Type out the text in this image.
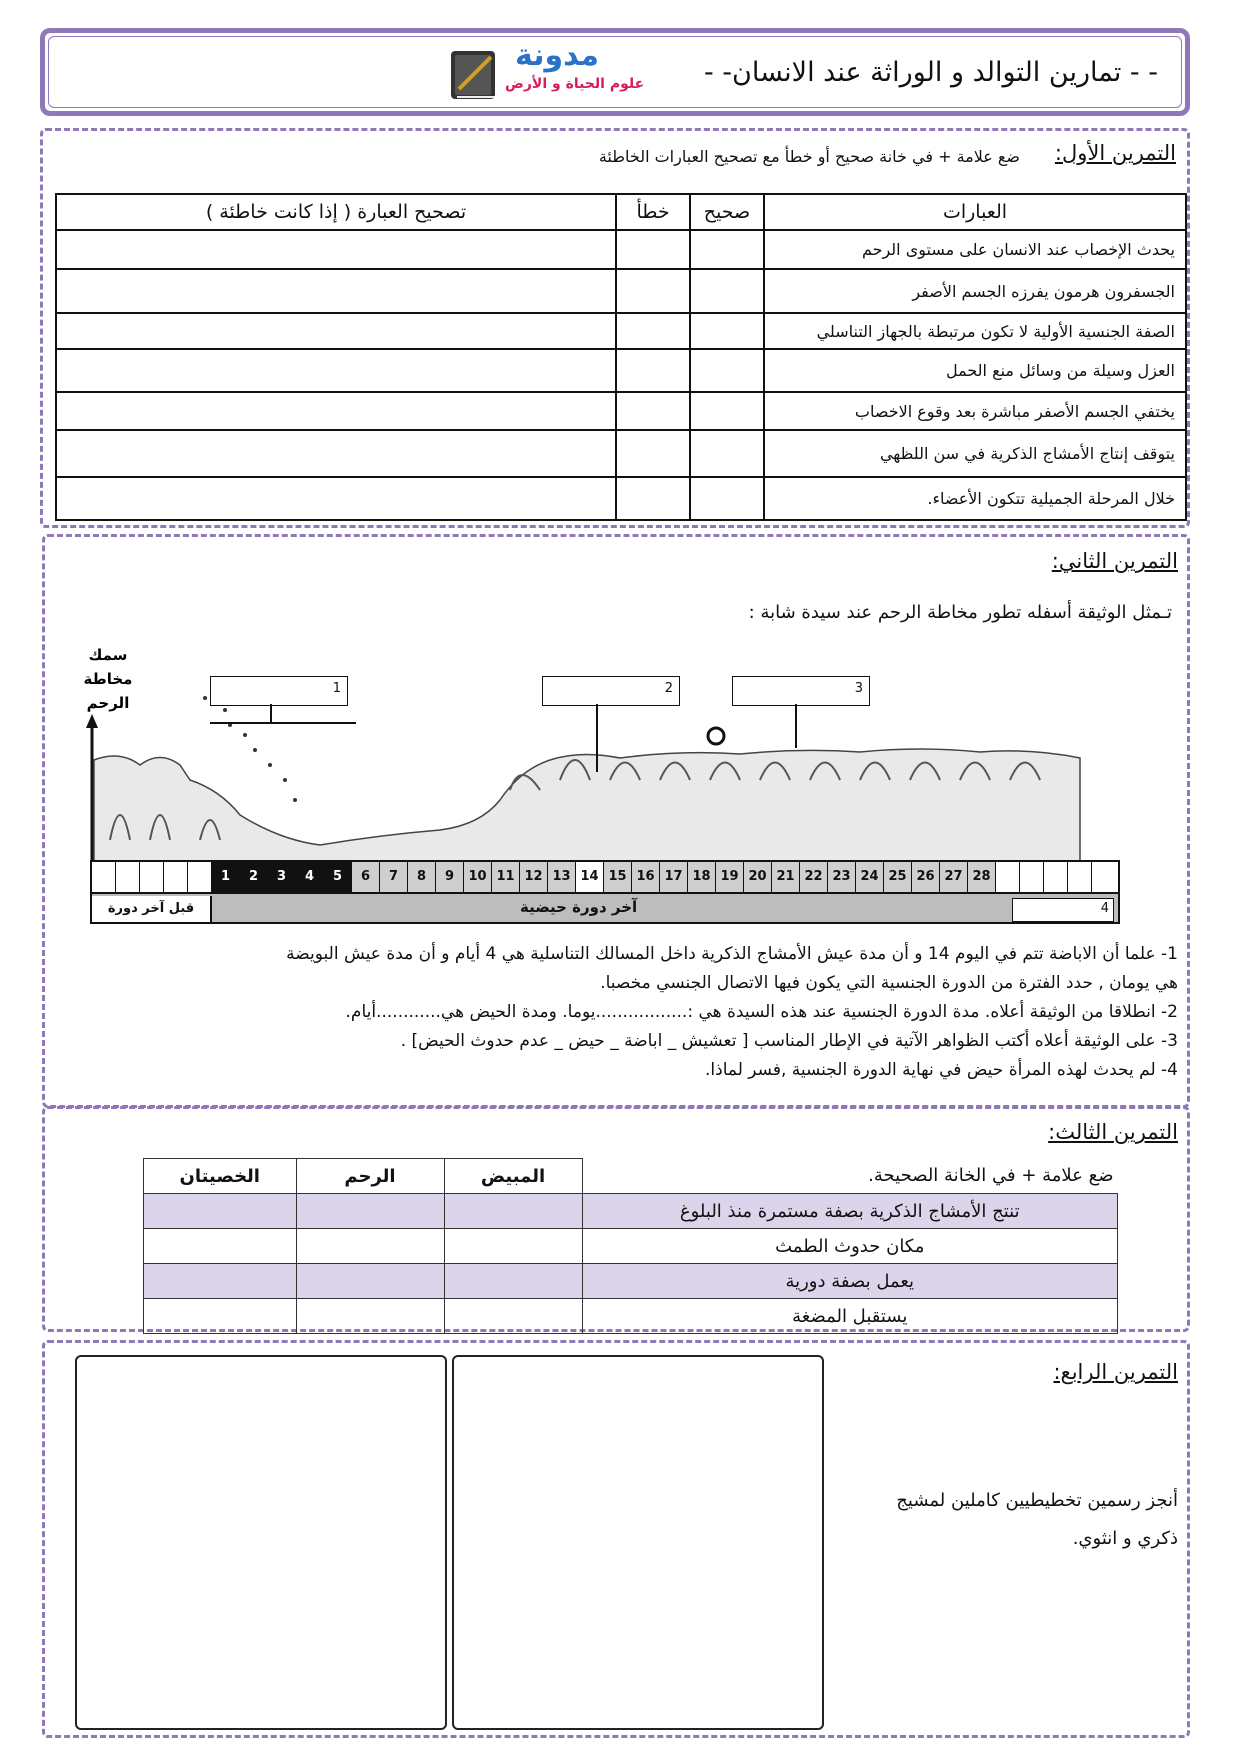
- - تمارين التوالد و الوراثة عند الانسان- -
مدونة
علوم الحياة و الأرض
التمرين الأول:
ضع علامة + في خانة صحيح أو خطأ مع تصحيح العبارات الخاطئة
العبارات	صحيح	خطأ	تصحيح العبارة ( إذا كانت خاطئة )
يحدث الإخصاب عند الانسان على مستوى الرحم			
الجسفرون هرمون يفرزه الجسم الأصفر			
الصفة الجنسية الأولية لا تكون مرتبطة بالجهاز التناسلي			
العزل وسيلة من وسائل منع الحمل			
يختفي الجسم الأصفر مباشرة بعد وقوع الاخصاب			
يتوقف إنتاج الأمشاج الذكرية في سن اللظهي			
خلال المرحلة الجميلية تتكون الأعضاء.			
التمرين الثاني:
تـمثل الوثيقة أسفله تطور مخاطة الرحم عند سيدة شابة :
سمك
مخاطة
الرحم
1	2	3
1	2	3	4	5	6	7	8	9	10 11 12 13 14 15 16 17 18 19 20 21 22 23 24 25 26 27 28
قبل آخر دورة	آخر دورة حيضية	4
1- علما أن الاباضة تتم في اليوم 14 و أن مدة عيش الأمشاج الذكرية داخل المسالك التناسلية هي 4 أيام و أن مدة عيش البويضة
هي يومان , حدد الفترة من الدورة الجنسية التي يكون فيها الاتصال الجنسي مخصبا.
2- انطلاقا من الوثيقة أعلاه. مدة الدورة الجنسية عند هذه السيدة هي :.................يوما. ومدة الحيض هي............أيام.
3- على الوثيقة أعلاه أكتب الظواهر الآتية في الإطار المناسب [ تعشيش _ اباضة _ حيض _ عدم حدوث الحيض] .
4- لم يحدث لهذه المرأة حيض في نهاية الدورة الجنسية ,فسر لماذا.
التمرين الثالث:
ضع علامة + في الخانة الصحيحة.	المبيض	الرحم	الخصيتان
تنتج الأمشاج الذكرية بصفة مستمرة منذ البلوغ			
مكان حدوث الطمث			
يعمل بصفة دورية			
يستقبل المضغة			
التمرين الرابع:
أنجز رسمين تخطيطيين كاملين لمشيج
ذكري و انثوي.
